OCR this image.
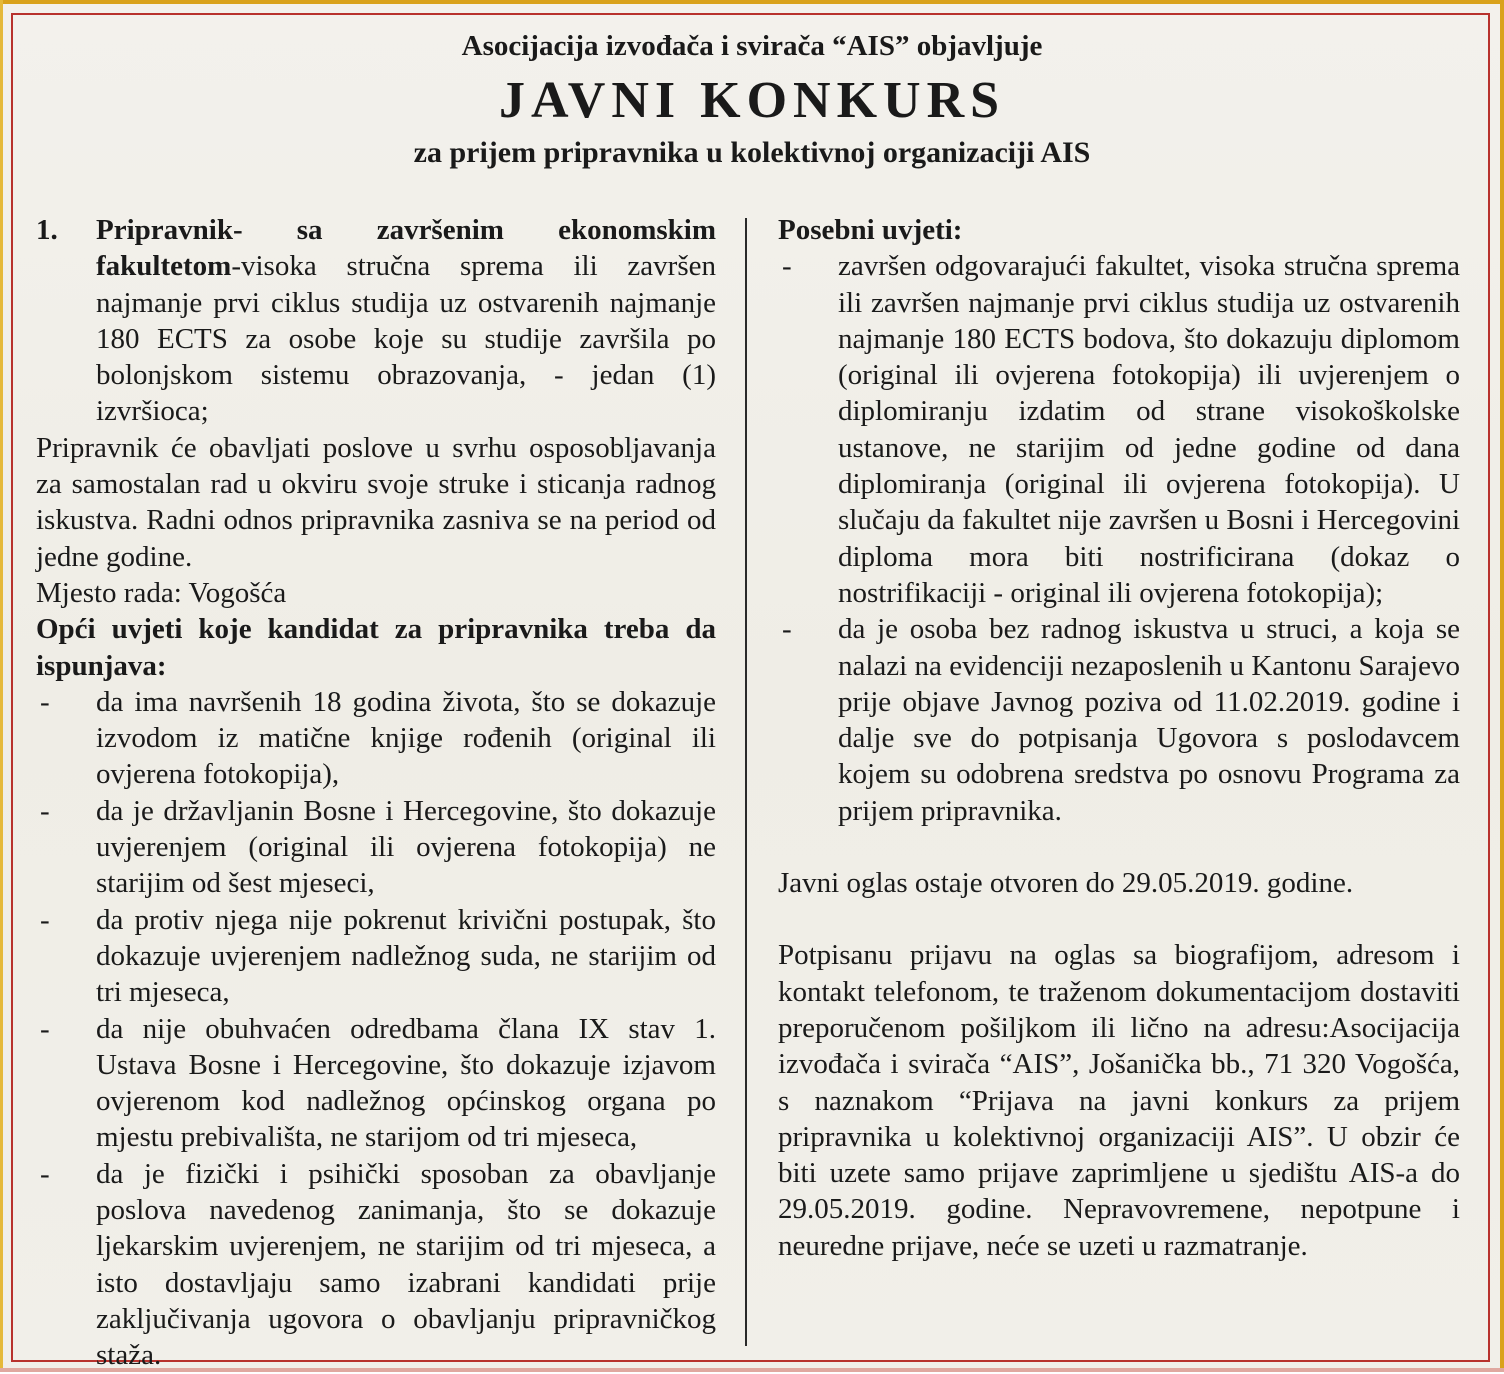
Asocijacija izvođača i svirača “AIS” objavljuje

JAVNI KONKURS

za prijem pripravnika u kolektivnoj organizaciji AIS

1. Pripravnik- sa završenim ekonomskim fakultetom-visoka stručna sprema ili završen najmanje prvi ciklus studija uz ostvarenih najmanje 180 ECTS za osobe koje su studije završila po bolonjskom sistemu obrazovanja, - jedan (1) izvršioca;

Pripravnik će obavljati poslove u svrhu osposobljavanja za samostalan rad u okviru svoje struke i sticanja radnog iskustva. Radni odnos pripravnika zasniva se na period od jedne godine.

Mjesto rada: Vogošća

Opći uvjeti koje kandidat za pripravnika treba da ispunjava:

- da ima navršenih 18 godina života, što se dokazuje izvodom iz matične knjige rođenih (original ili ovjerena fotokopija),
- da je državljanin Bosne i Hercegovine, što dokazuje uvjerenjem (original ili ovjerena fotokopija) ne starijim od šest mjeseci,
- da protiv njega nije pokrenut krivični postupak, što dokazuje uvjerenjem nadležnog suda, ne starijim od tri mjeseca,
- da nije obuhvaćen odredbama člana IX stav 1. Ustava Bosne i Hercegovine, što dokazuje izjavom ovjerenom kod nadležnog općinskog organa po mjestu prebivališta, ne starijom od tri mjeseca,
- da je fizički i psihički sposoban za obavljanje poslova navedenog zanimanja, što se dokazuje ljekarskim uvjerenjem, ne starijim od tri mjeseca, a isto dostavljaju samo izabrani kandidati prije zaključivanja ugovora o obavljanju pripravničkog staža.

Posebni uvjeti:

- završen odgovarajući fakultet, visoka stručna sprema ili završen najmanje prvi ciklus studija uz ostvarenih najmanje 180 ECTS bodova, što dokazuju diplomom (original ili ovjerena fotokopija) ili uvjerenjem o diplomiranju izdatim od strane visokoškolske ustanove, ne starijim od jedne godine od dana diplomiranja (original ili ovjerena fotokopija). U slučaju da fakultet nije završen u Bosni i Hercegovini diploma mora biti nostrificirana (dokaz o nostrifikaciji - original ili ovjerena fotokopija);
- da je osoba bez radnog iskustva u struci, a koja se nalazi na evidenciji nezaposlenih u Kantonu Sarajevo prije objave Javnog poziva od 11.02.2019. godine i dalje sve do potpisanja Ugovora s poslodavcem kojem su odobrena sredstva po osnovu Programa za prijem pripravnika.

Javni oglas ostaje otvoren do 29.05.2019. godine.

Potpisanu prijavu na oglas sa biografijom, adresom i kontakt telefonom, te traženom dokumentacijom dostaviti preporučenom pošiljkom ili lično na adresu:Asocijacija izvođača i svirača “AIS”, Jošanička bb., 71 320 Vogošća, s naznakom “Prijava na javni konkurs za prijem pripravnika u kolektivnoj organizaciji AIS”. U obzir će biti uzete samo prijave zaprimljene u sjedištu AIS-a do 29.05.2019. godine. Nepravovremene, nepotpune i neuredne prijave, neće se uzeti u razmatranje.
